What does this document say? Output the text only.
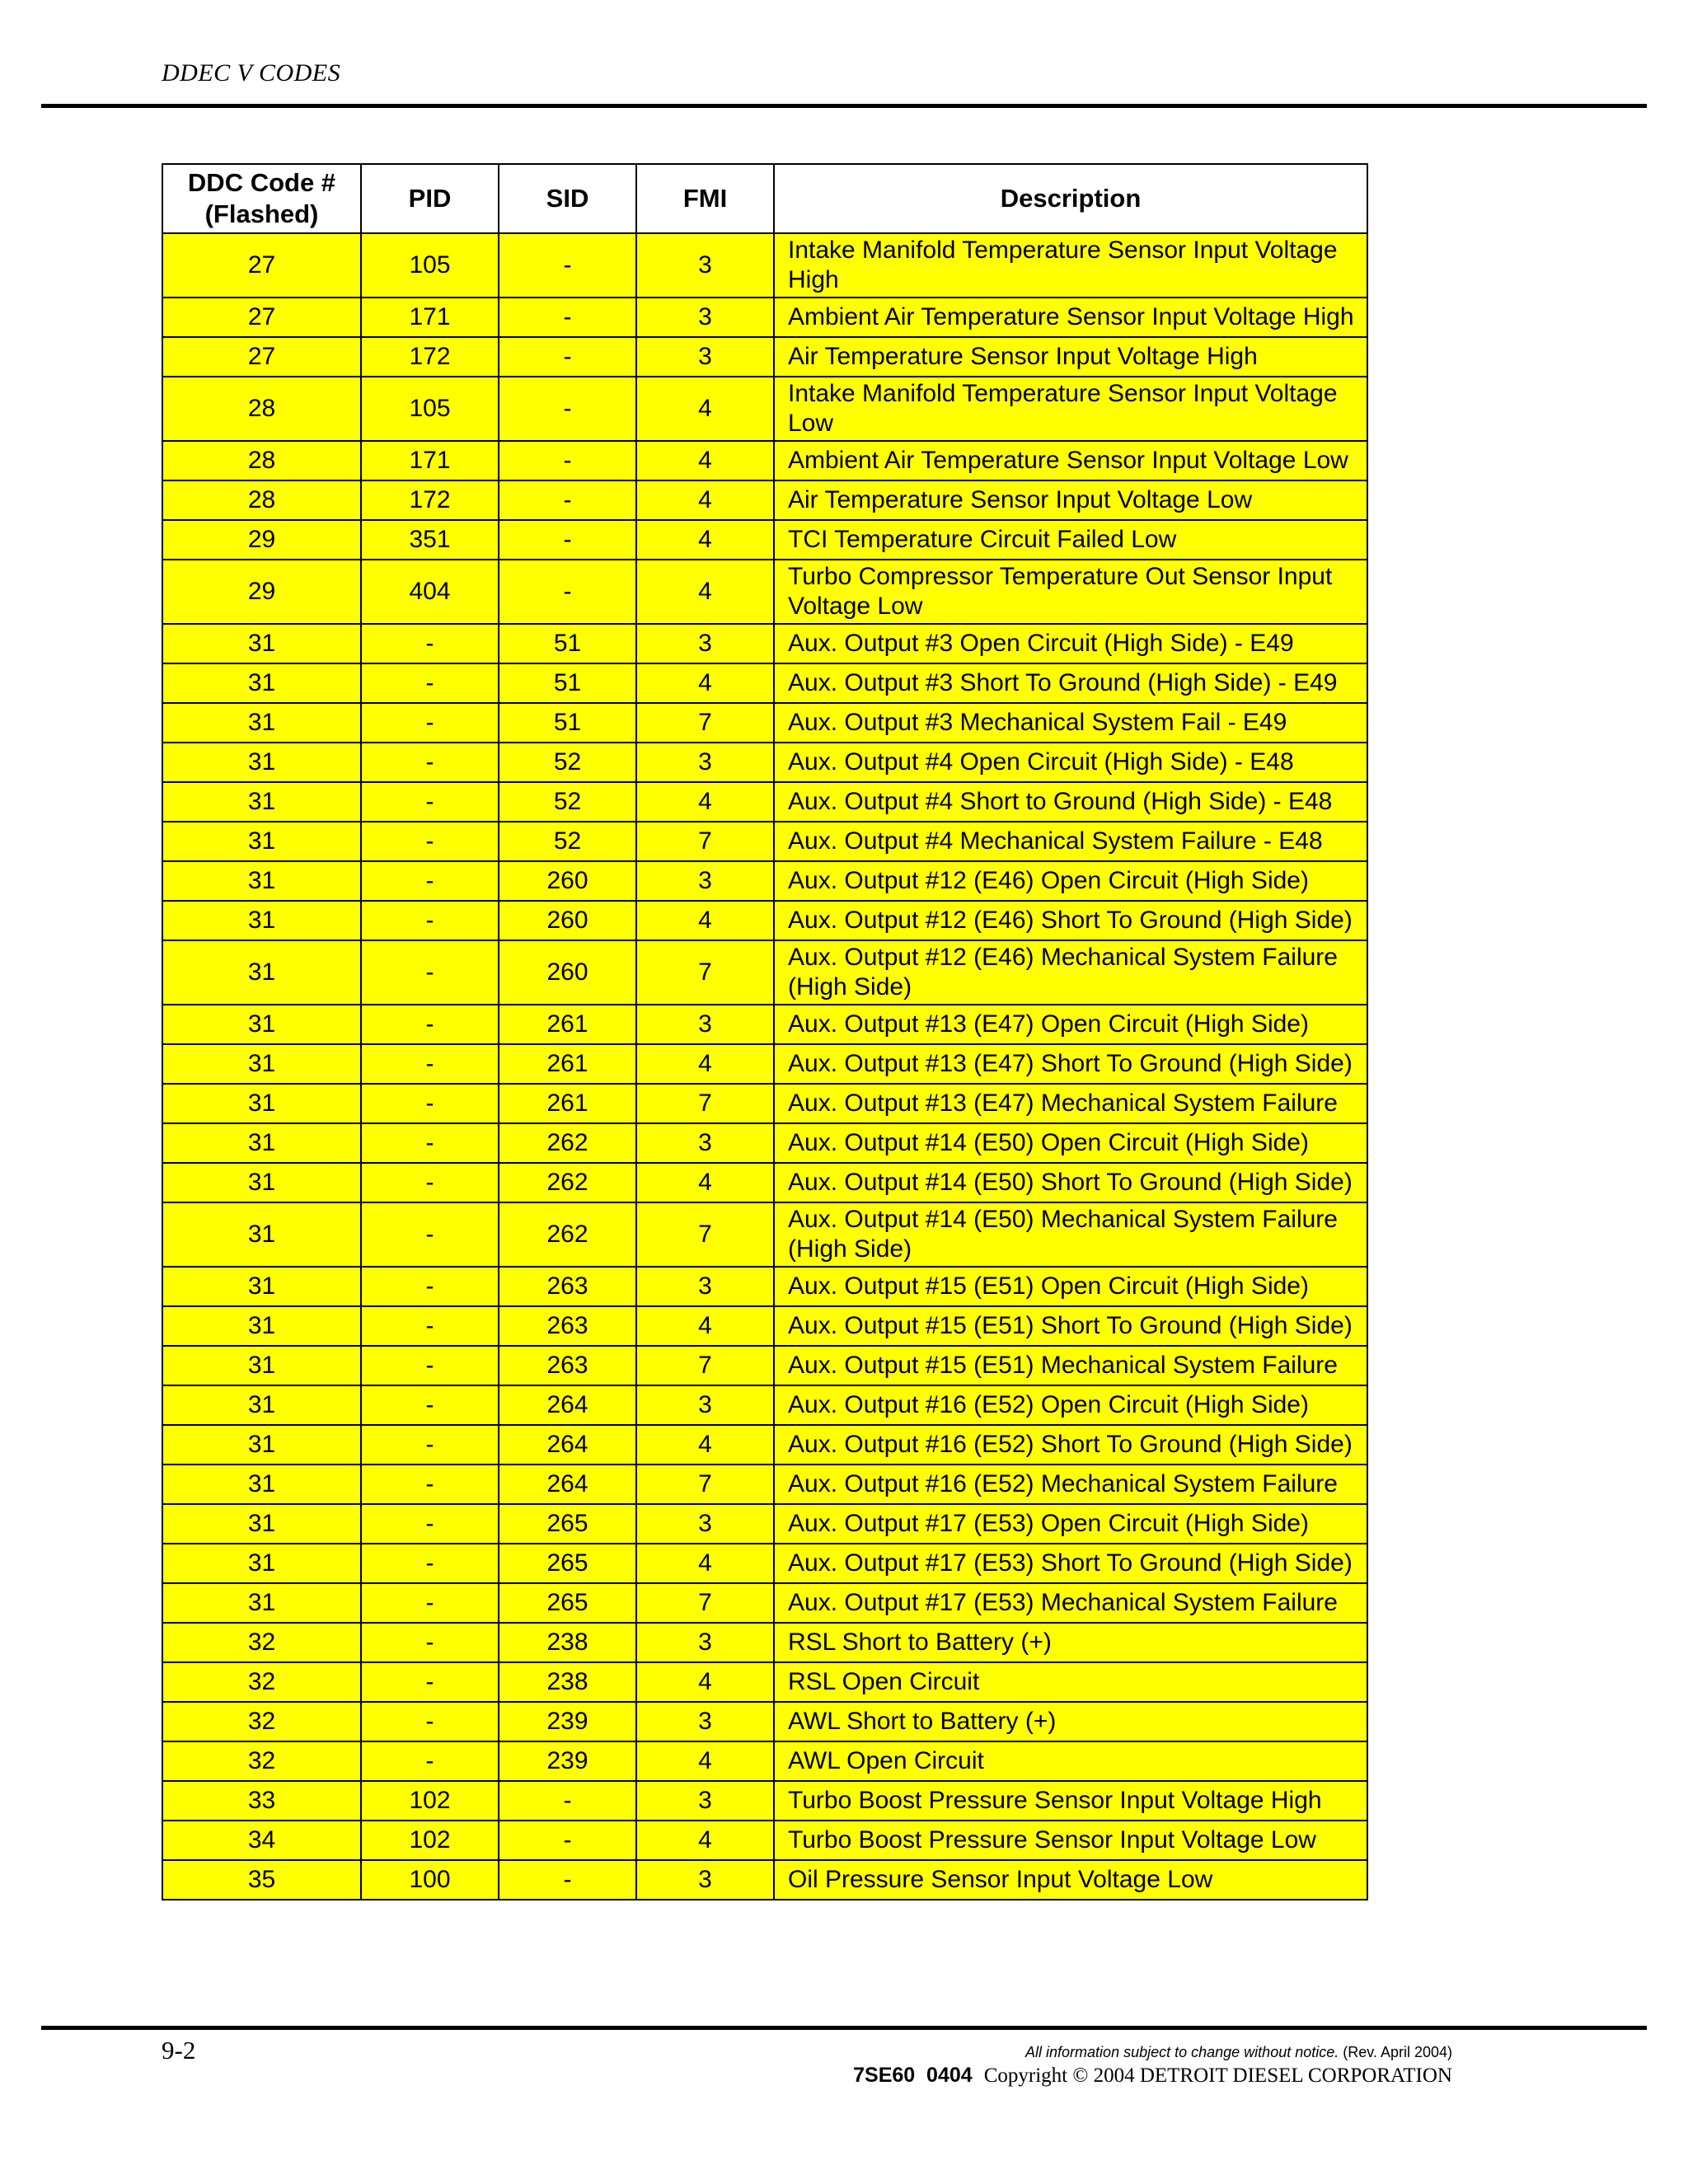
DDEC V CODES
DDC Code # (Flashed)	PID	SID	FMI	Description
27	105	-	3	Intake Manifold Temperature Sensor Input Voltage High
27	171	-	3	Ambient Air Temperature Sensor Input Voltage High
27	172	-	3	Air Temperature Sensor Input Voltage High
28	105	-	4	Intake Manifold Temperature Sensor Input Voltage Low
28	171	-	4	Ambient Air Temperature Sensor Input Voltage Low
28	172	-	4	Air Temperature Sensor Input Voltage Low
29	351	-	4	TCI Temperature Circuit Failed Low
29	404	-	4	Turbo Compressor Temperature Out Sensor Input Voltage Low
31	-	51	3	Aux. Output #3 Open Circuit (High Side) - E49
31	-	51	4	Aux. Output #3 Short To Ground (High Side) - E49
31	-	51	7	Aux. Output #3 Mechanical System Fail - E49
31	-	52	3	Aux. Output #4 Open Circuit (High Side) - E48
31	-	52	4	Aux. Output #4 Short to Ground (High Side) - E48
31	-	52	7	Aux. Output #4 Mechanical System Failure - E48
31	-	260	3	Aux. Output #12 (E46) Open Circuit (High Side)
31	-	260	4	Aux. Output #12 (E46) Short To Ground (High Side)
31	-	260	7	Aux. Output #12 (E46) Mechanical System Failure (High Side)
31	-	261	3	Aux. Output #13 (E47) Open Circuit (High Side)
31	-	261	4	Aux. Output #13 (E47) Short To Ground (High Side)
31	-	261	7	Aux. Output #13 (E47) Mechanical System Failure
31	-	262	3	Aux. Output #14 (E50) Open Circuit (High Side)
31	-	262	4	Aux. Output #14 (E50) Short To Ground (High Side)
31	-	262	7	Aux. Output #14 (E50) Mechanical System Failure (High Side)
31	-	263	3	Aux. Output #15 (E51) Open Circuit (High Side)
31	-	263	4	Aux. Output #15 (E51) Short To Ground (High Side)
31	-	263	7	Aux. Output #15 (E51) Mechanical System Failure
31	-	264	3	Aux. Output #16 (E52) Open Circuit (High Side)
31	-	264	4	Aux. Output #16 (E52) Short To Ground (High Side)
31	-	264	7	Aux. Output #16 (E52) Mechanical System Failure
31	-	265	3	Aux. Output #17 (E53) Open Circuit (High Side)
31	-	265	4	Aux. Output #17 (E53) Short To Ground (High Side)
31	-	265	7	Aux. Output #17 (E53) Mechanical System Failure
32	-	238	3	RSL Short to Battery (+)
32	-	238	4	RSL Open Circuit
32	-	239	3	AWL Short to Battery (+)
32	-	239	4	AWL Open Circuit
33	102	-	3	Turbo Boost Pressure Sensor Input Voltage High
34	102	-	4	Turbo Boost Pressure Sensor Input Voltage Low
35	100	-	3	Oil Pressure Sensor Input Voltage Low
9-2	All information subject to change without notice. (Rev. April 2004)
7SE60  0404 Copyright © 2004 DETROIT DIESEL CORPORATION
